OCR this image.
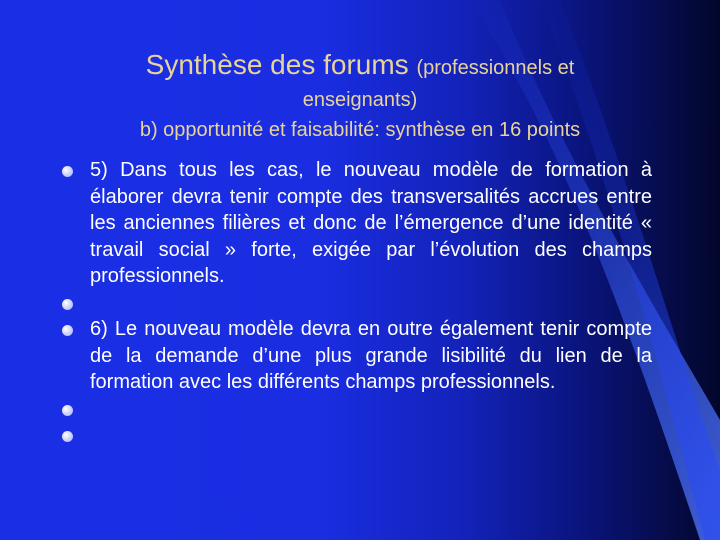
Synthèse des forums (professionnels et
enseignants)
b) opportunité et faisabilité: synthèse en 16 points
5) Dans tous les cas, le nouveau modèle de formation à élaborer devra tenir compte des transversalités accrues entre les anciennes filières et donc de l’émergence d’une identité « travail social » forte, exigée par l’évolution des champs professionnels.
6) Le nouveau modèle devra en outre également tenir compte de la demande d’une plus grande lisibilité du lien de la formation avec les différents champs professionnels.
